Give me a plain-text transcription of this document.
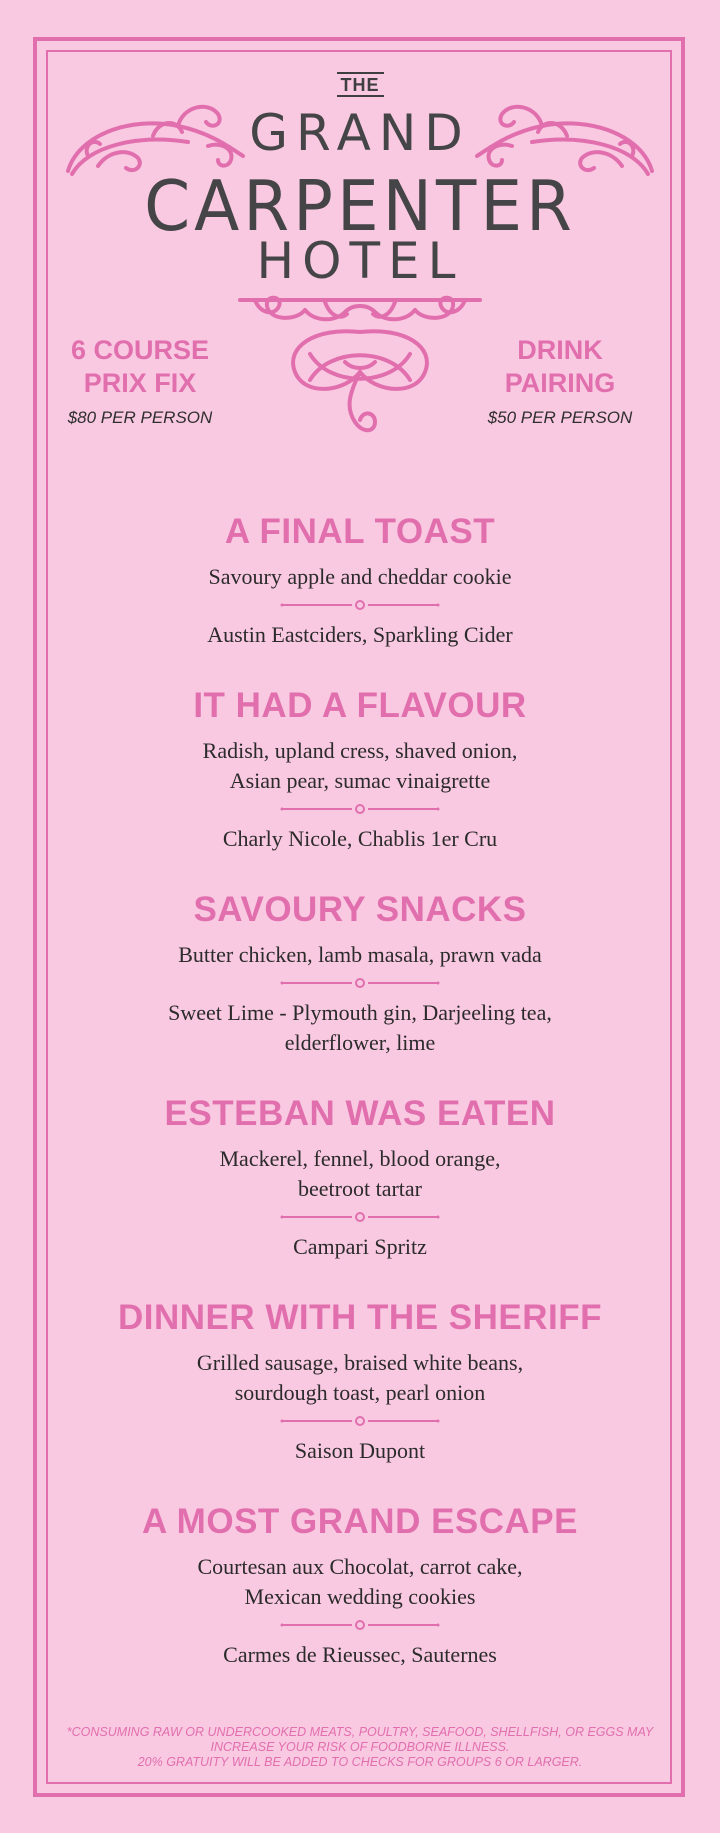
THE
GRAND
CARPENTER
HOTEL
6 COURSE
PRIX FIX
$80 PER PERSON
DRINK
PAIRING
$50 PER PERSON
A FINAL TOAST
Savoury apple and cheddar cookie
Austin Eastciders, Sparkling Cider
IT HAD A FLAVOUR
Radish, upland cress, shaved onion,
Asian pear, sumac vinaigrette
Charly Nicole, Chablis 1er Cru
SAVOURY SNACKS
Butter chicken, lamb masala, prawn vada
Sweet Lime - Plymouth gin, Darjeeling tea,
elderflower, lime
ESTEBAN WAS EATEN
Mackerel, fennel, blood orange,
beetroot tartar
Campari Spritz
DINNER WITH THE SHERIFF
Grilled sausage, braised white beans,
sourdough toast, pearl onion
Saison Dupont
A MOST GRAND ESCAPE
Courtesan aux Chocolat, carrot cake,
Mexican wedding cookies
Carmes de Rieussec, Sauternes
*CONSUMING RAW OR UNDERCOOKED MEATS, POULTRY, SEAFOOD, SHELLFISH, OR EGGS MAY
INCREASE YOUR RISK OF FOODBORNE ILLNESS.
20% GRATUITY WILL BE ADDED TO CHECKS FOR GROUPS 6 OR LARGER.
